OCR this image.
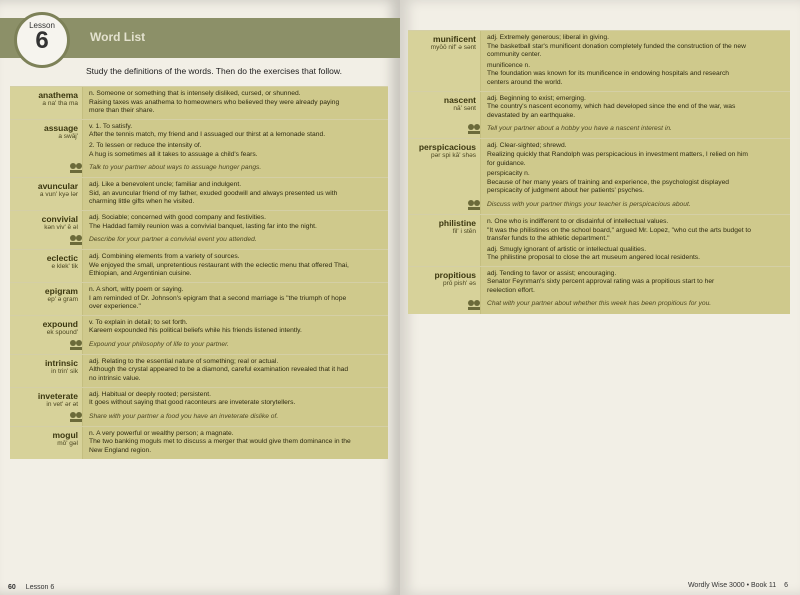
Lesson
6	Word List
Study the definitions of the words. Then do the exercises that follow.
anathema
a na' tha ma

n. Someone or something that is intensely disliked, cursed, or shunned.

Raising taxes was anathema to homeowners who believed they were already paying

more than their share.

assuage
a swāj'

v. 1. To satisfy.

After the tennis match, my friend and I assuaged our thirst at a lemonade stand.

2. To lessen or reduce the intensity of.

A hug is sometimes all it takes to assuage a child's fears.

Talk to your partner about ways to assuage hunger pangs.

avuncular
a vun' kyə lər

adj. Like a benevolent uncle; familiar and indulgent.

Sid, an avuncular friend of my father, exuded goodwill and always presented us with

charming little gifts when he visited.

convivial
kən viv' ē əl

adj. Sociable; concerned with good company and festivities.

The Haddad family reunion was a convivial banquet, lasting far into the night.

Describe for your partner a convivial event you attended.

eclectic
e klek' tik

adj. Combining elements from a variety of sources.

We enjoyed the small, unpretentious restaurant with the eclectic menu that offered Thai,

Ethiopian, and Argentinian cuisine.

epigram
ep' ə gram

n. A short, witty poem or saying.

I am reminded of Dr. Johnson's epigram that a second marriage is "the triumph of hope

over experience."

expound
ek spound'

v. To explain in detail; to set forth.

Kareem expounded his political beliefs while his friends listened intently.

Expound your philosophy of life to your partner.

intrinsic
in trin' sik

adj. Relating to the essential nature of something; real or actual.

Although the crystal appeared to be a diamond, careful examination revealed that it had

no intrinsic value.

inveterate
in vet' ər ət

adj. Habitual or deeply rooted; persistent.

It goes without saying that good raconteurs are inveterate storytellers.

Share with your partner a food you have an inveterate dislike of.

mogul
mō' gəl

n. A very powerful or wealthy person; a magnate.

The two banking moguls met to discuss a merger that would give them dominance in the

New England region.

60 Lesson 6
munificent
myōō nif' ə sənt

adj. Extremely generous; liberal in giving.

The basketball star's munificent donation completely funded the construction of the new

community center.

munificence n.

The foundation was known for its munificence in endowing hospitals and research

centers around the world.

nascent
nā' sənt

adj. Beginning to exist; emerging.

The country's nascent economy, which had developed since the end of the war, was

devastated by an earthquake.

Tell your partner about a hobby you have a nascent interest in.

perspicacious
pər spi kā' shəs

adj. Clear-sighted; shrewd.

Realizing quickly that Randolph was perspicacious in investment matters, I relied on him

for guidance.

perspicacity n.

Because of her many years of training and experience, the psychologist displayed

perspicacity of judgment about her patients' psyches.

Discuss with your partner things your teacher is perspicacious about.

philistine
fil' i stēn

n. One who is indifferent to or disdainful of intellectual values.

"It was the philistines on the school board," argued Mr. Lopez, "who cut the arts budget to

transfer funds to the athletic department."

adj. Smugly ignorant of artistic or intellectual qualities.

The philistine proposal to close the art museum angered local residents.

propitious
prō pish' əs

adj. Tending to favor or assist; encouraging.

Senator Feynman's sixty percent approval rating was a propitious start to her

reelection effort.

Chat with your partner about whether this week has been propitious for you.

Wordly Wise 3000 • Book 11 6
